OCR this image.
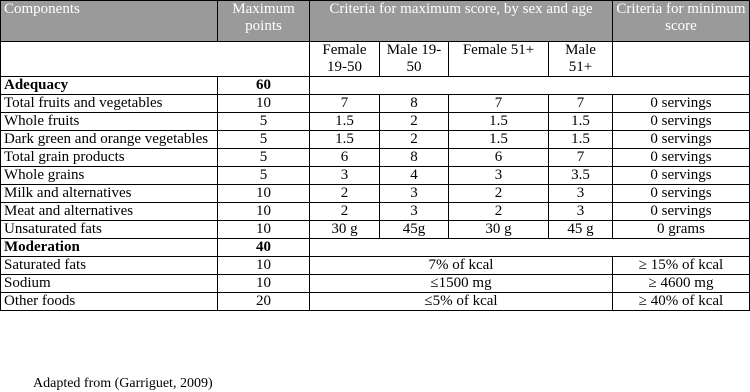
Components	Maximum points	Criteria for maximum score, by sex and age				Criteria for minimum score
		Female 19-50	Male 19-50	Female 51+	Male 51+	
Adequacy	60					
Total fruits and vegetables	10	7	8	7	7	0 servings
Whole fruits	5	1.5	2	1.5	1.5	0 servings
Dark green and orange vegetables	5	1.5	2	1.5	1.5	0 servings
Total grain products	5	6	8	6	7	0 servings
Whole grains	5	3	4	3	3.5	0 servings
Milk and alternatives	10	2	3	2	3	0 servings
Meat and alternatives	10	2	3	2	3	0 servings
Unsaturated fats	10	30 g	45g	30 g	45 g	0 grams
Moderation	40					
Saturated fats	10	7% of kcal				≥ 15% of kcal
Sodium	10	≤1500 mg				≥ 4600 mg
Other foods	20	≤5% of kcal				≥ 40% of kcal
Adapted from (Garriguet, 2009)
